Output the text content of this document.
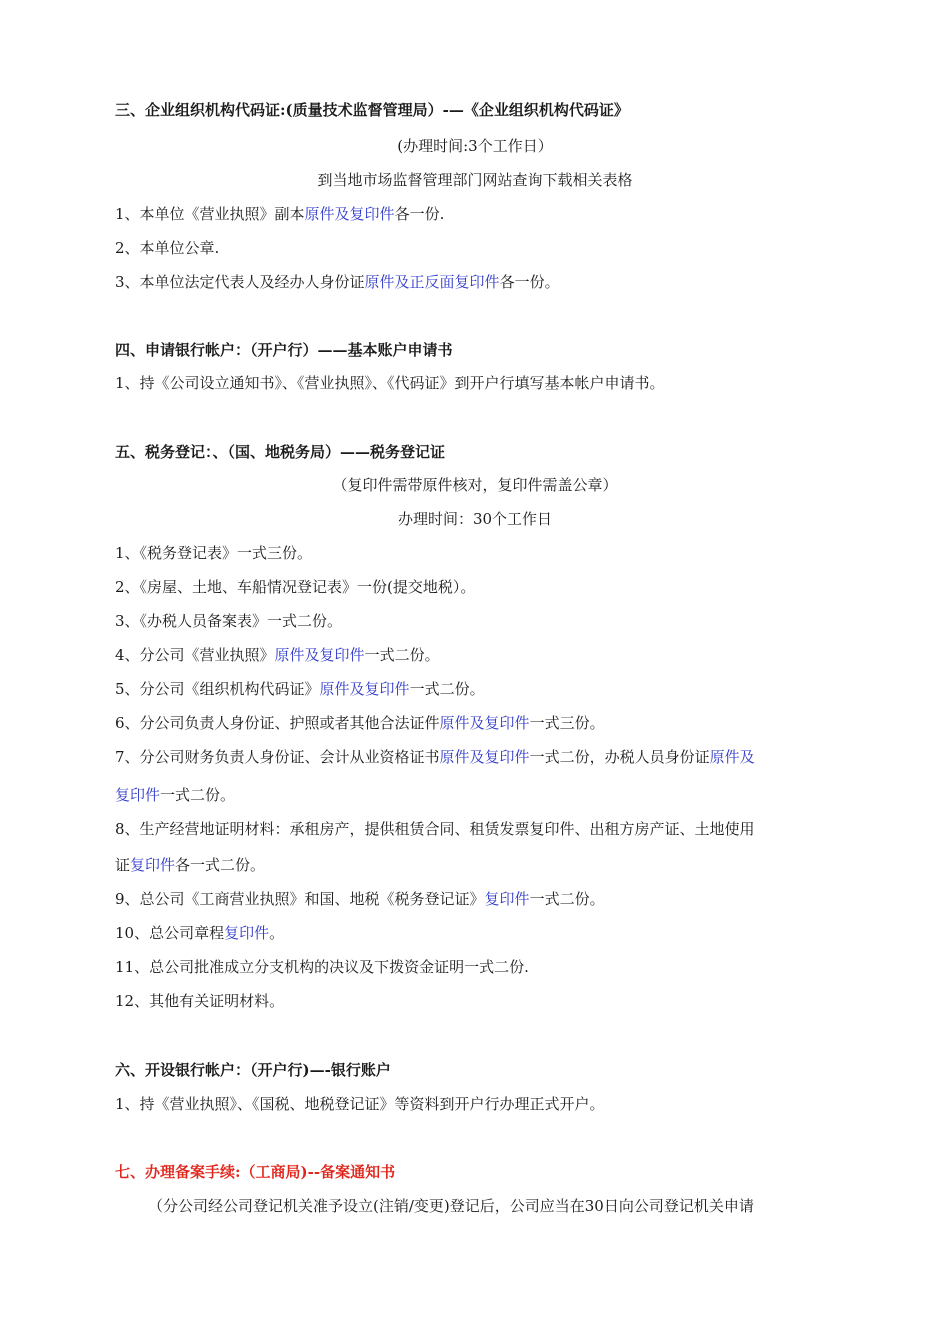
三、企业组织机构代码证:(质量技术监督管理局）-—《企业组织机构代码证》
(办理时间:3个工作日）
到当地市场监督管理部门网站查询下载相关表格
1、本单位《营业执照》副本原件及复印件各一份.
2、本单位公章.
3、本单位法定代表人及经办人身份证原件及正反面复印件各一份。
四、申请银行帐户：（开户行）——基本账户申请书
1、持《公司设立通知书》、《营业执照》、《代码证》到开户行填写基本帐户申请书。
五、税务登记：、（国、地税务局）——税务登记证
（复印件需带原件核对，复印件需盖公章）
办理时间：30个工作日
1、《税务登记表》一式三份。
2、《房屋、土地、车船情况登记表》一份(提交地税）。
3、《办税人员备案表》一式二份。
4、分公司《营业执照》原件及复印件一式二份。
5、分公司《组织机构代码证》原件及复印件一式二份。
6、分公司负责人身份证、护照或者其他合法证件原件及复印件一式三份。
7、分公司财务负责人身份证、会计从业资格证书原件及复印件一式二份，办税人员身份证原件及
复印件一式二份。
8、生产经营地证明材料：承租房产，提供租赁合同、租赁发票复印件、出租方房产证、土地使用
证复印件各一式二份。
9、总公司《工商营业执照》和国、地税《税务登记证》复印件一式二份。
10、总公司章程复印件。
11、总公司批准成立分支机构的决议及下拨资金证明一式二份.
12、其他有关证明材料。
六、开设银行帐户：（开户行)—-银行账户
1、持《营业执照》、《国税、地税登记证》等资料到开户行办理正式开户。
七、办理备案手续:（工商局)--备案通知书
（分公司经公司登记机关准予设立(注销/变更)登记后，公司应当在30日向公司登记机关申请
